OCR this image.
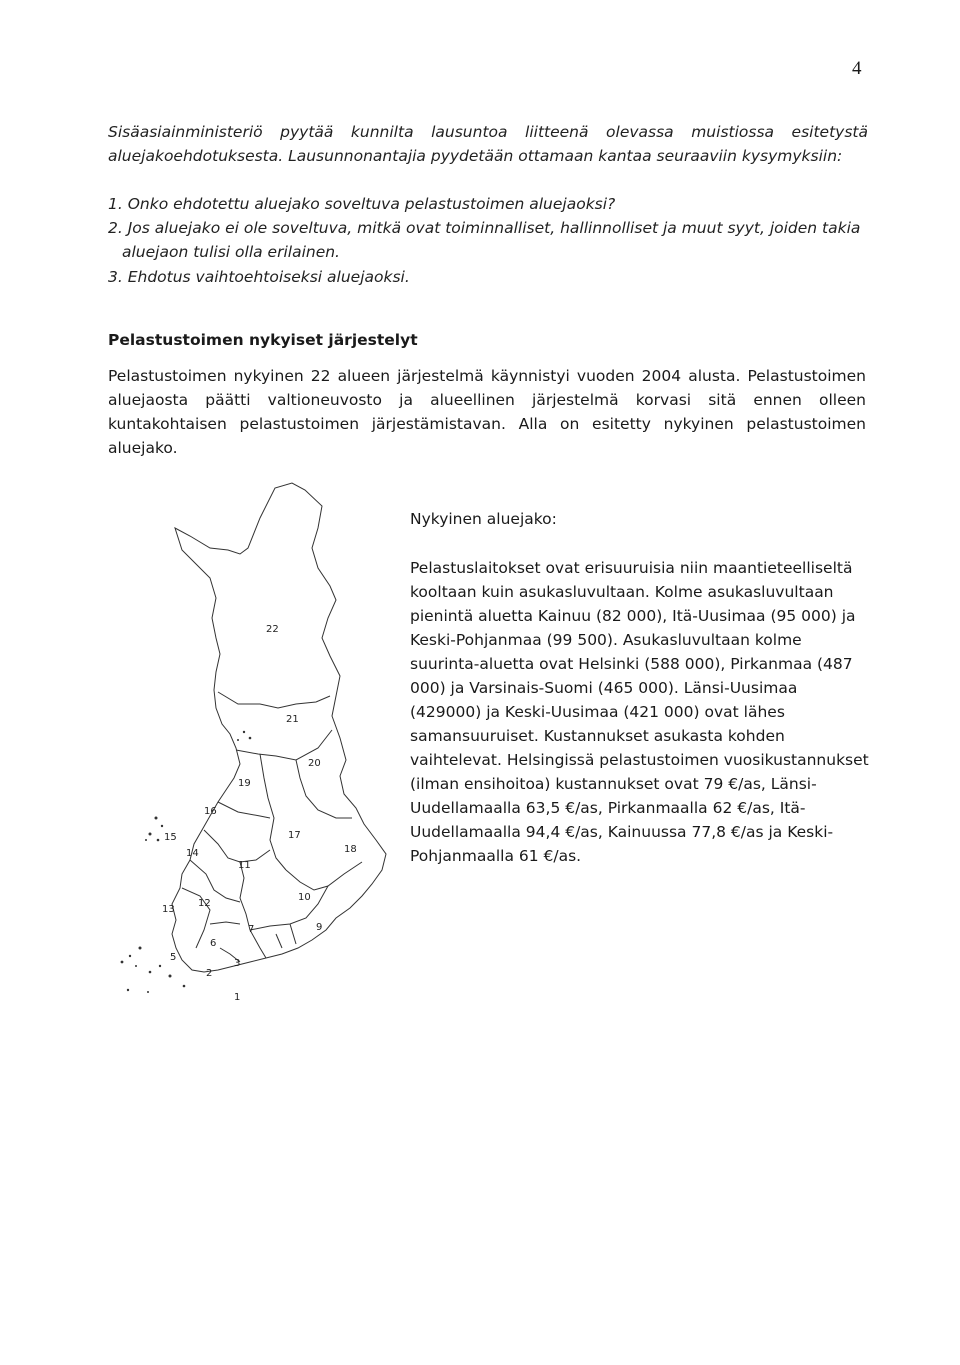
4

Sisäasiainministeriö pyytää kunnilta lausuntoa liitteenä olevassa muistiossa esitetystä aluejakoehdotuksesta. Lausunnonantajia pyydetään ottamaan kantaa seuraaviin kysymyksiin:

1. Onko ehdotettu aluejako soveltuva pelastustoimen aluejaoksi?
2. Jos aluejako ei ole soveltuva, mitkä ovat toiminnalliset, hallinnolliset ja muut syyt, joiden takia
aluejaon tulisi olla erilainen.
3. Ehdotus vaihtoehtoiseksi aluejaoksi.
Pelastustoimen nykyiset järjestelyt

Pelastustoimen nykyinen 22 alueen järjestelmä käynnistyi vuoden 2004 alusta. Pelastustoimen aluejaosta päätti valtioneuvosto ja alueellinen järjestelmä korvasi sitä ennen olleen kuntakohtaisen pelastustoimen järjestämistavan. Alla on esitetty nykyinen pelastustoimen aluejako.

22
21
20
19
18
17
16
15
14
13
12
11
10
9
7
6
5
3
2
1
Nykyinen aluejako:

Pelastuslaitokset ovat erisuuruisia niin maantieteelliseltä kooltaan kuin asukasluvultaan. Kolme asukasluvultaan pienintä aluetta Kainuu (82 000), Itä-Uusimaa (95 000) ja Keski-Pohjanmaa (99 500). Asukasluvultaan kolme suurinta-aluetta ovat Helsinki (588 000), Pirkanmaa (487 000) ja Varsinais-Suomi (465 000). Länsi-Uusimaa (429000) ja Keski-Uusimaa (421 000) ovat lähes samansuuruiset. Kustannukset asukasta kohden vaihtelevat. Helsingissä pelastustoimen vuosikustannukset (ilman ensihoitoa) kustannukset ovat 79 €/as, Länsi-Uudellamaalla 63,5 €/as, Pirkanmaalla 62 €/as, Itä-Uudellamaalla 94,4 €/as, Kainuussa 77,8 €/as ja Keski-Pohjanmaalla 61 €/as.
